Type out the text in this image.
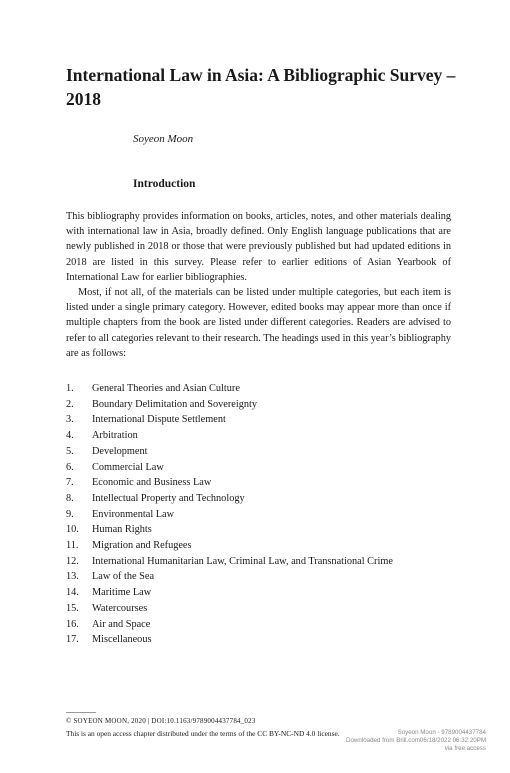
International Law in Asia: A Bibliographic Survey – 2018

Soyeon Moon

Introduction

This bibliography provides information on books, articles, notes, and other materials dealing with international law in Asia, broadly defined. Only English language publications that are newly published in 2018 or those that were previously published but had updated editions in 2018 are listed in this survey. Please refer to earlier editions of Asian Yearbook of International Law for earlier bibliographies.

Most, if not all, of the materials can be listed under multiple categories, but each item is listed under a single primary category. However, edited books may appear more than once if multiple chapters from the book are listed under different categories. Readers are advised to refer to all categories relevant to their research. The headings used in this year’s bibliography are as follows:

1. General Theories and Asian Culture
2. Boundary Delimitation and Sovereignty
3. International Dispute Settlement
4. Arbitration
5. Development
6. Commercial Law
7. Economic and Business Law
8. Intellectual Property and Technology
9. Environmental Law
10. Human Rights
11. Migration and Refugees
12. International Humanitarian Law, Criminal Law, and Transnational Crime
13. Law of the Sea
14. Maritime Law
15. Watercourses
16. Air and Space
17. Miscellaneous

© SOYEON MOON, 2020 | DOI:10.1163/9789004437784_023

This is an open access chapter distributed under the terms of the CC BY-NC-ND 4.0 license.	Soyeon Moon - 9789004437784
Downloaded from Brill.com06/18/2022 06:32:20PM
via free access
